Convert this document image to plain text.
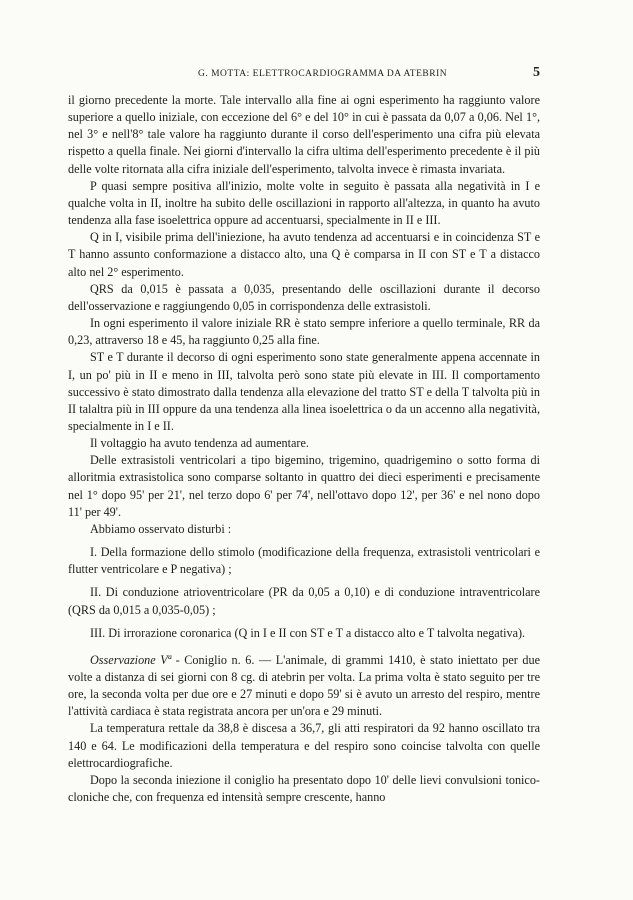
G. MOTTA: ELETTROCARDIOGRAMMA DA ATEBRIN	5

il giorno precedente la morte. Tale intervallo alla fine ai ogni esperimento ha raggiunto valore superiore a quello iniziale, con eccezione del 6° e del 10° in cui è passata da 0,07 a 0,06. Nel 1°, nel 3° e nell'8° tale valore ha raggiunto durante il corso dell'esperimento una cifra più elevata rispetto a quella finale. Nei giorni d'intervallo la cifra ultima dell'esperimento precedente è il più delle volte ritornata alla cifra iniziale dell'esperimento, talvolta invece è rimasta invariata.

P quasi sempre positiva all'inizio, molte volte in seguito è passata alla negatività in I e qualche volta in II, inoltre ha subito delle oscillazioni in rapporto all'altezza, in quanto ha avuto tendenza alla fase isoelettrica oppure ad accentuarsi, specialmente in II e III.

Q in I, visibile prima dell'iniezione, ha avuto tendenza ad accentuarsi e in coincidenza ST e T hanno assunto conformazione a distacco alto, una Q è comparsa in II con ST e T a distacco alto nel 2° esperimento.

QRS da 0,015 è passata a 0,035, presentando delle oscillazioni durante il decorso dell'osservazione e raggiungendo 0,05 in corrispondenza delle extrasistoli.

In ogni esperimento il valore iniziale RR è stato sempre inferiore a quello terminale, RR da 0,23, attraverso 18 e 45, ha raggiunto 0,25 alla fine.

ST e T durante il decorso di ogni esperimento sono state generalmente appena accennate in I, un po' più in II e meno in III, talvolta però sono state più elevate in III. Il comportamento successivo è stato dimostrato dalla tendenza alla elevazione del tratto ST e della T talvolta più in II talaltra più in III oppure da una tendenza alla linea isoelettrica o da un accenno alla negatività, specialmente in I e II.

Il voltaggio ha avuto tendenza ad aumentare.

Delle extrasistoli ventricolari a tipo bigemino, trigemino, quadrigemino o sotto forma di alloritmia extrasistolica sono comparse soltanto in quattro dei dieci esperimenti e precisamente nel 1° dopo 95' per 21', nel terzo dopo 6' per 74', nell'ottavo dopo 12', per 36' e nel nono dopo 11' per 49'.

Abbiamo osservato disturbi :

I. Della formazione dello stimolo (modificazione della frequenza, extrasistoli ventricolari e flutter ventricolare e P negativa) ;

II. Di conduzione atrioventricolare (PR da 0,05 a 0,10) e di conduzione intraventricolare (QRS da 0,015 a 0,035-0,05) ;

III. Di irrorazione coronarica (Q in I e II con ST e T a distacco alto e T talvolta negativa).

Osservazione Vª - Coniglio n. 6. — L'animale, di grammi 1410, è stato iniettato per due volte a distanza di sei giorni con 8 cg. di atebrin per volta. La prima volta è stato seguito per tre ore, la seconda volta per due ore e 27 minuti e dopo 59' si è avuto un arresto del respiro, mentre l'attività cardiaca è stata registrata ancora per un'ora e 29 minuti.

La temperatura rettale da 38,8 è discesa a 36,7, gli atti respiratori da 92 hanno oscillato tra 140 e 64. Le modificazioni della temperatura e del respiro sono coincise talvolta con quelle elettrocardiografiche.

Dopo la seconda iniezione il coniglio ha presentato dopo 10' delle lievi convulsioni tonico-cloniche che, con frequenza ed intensità sempre crescente, hanno
